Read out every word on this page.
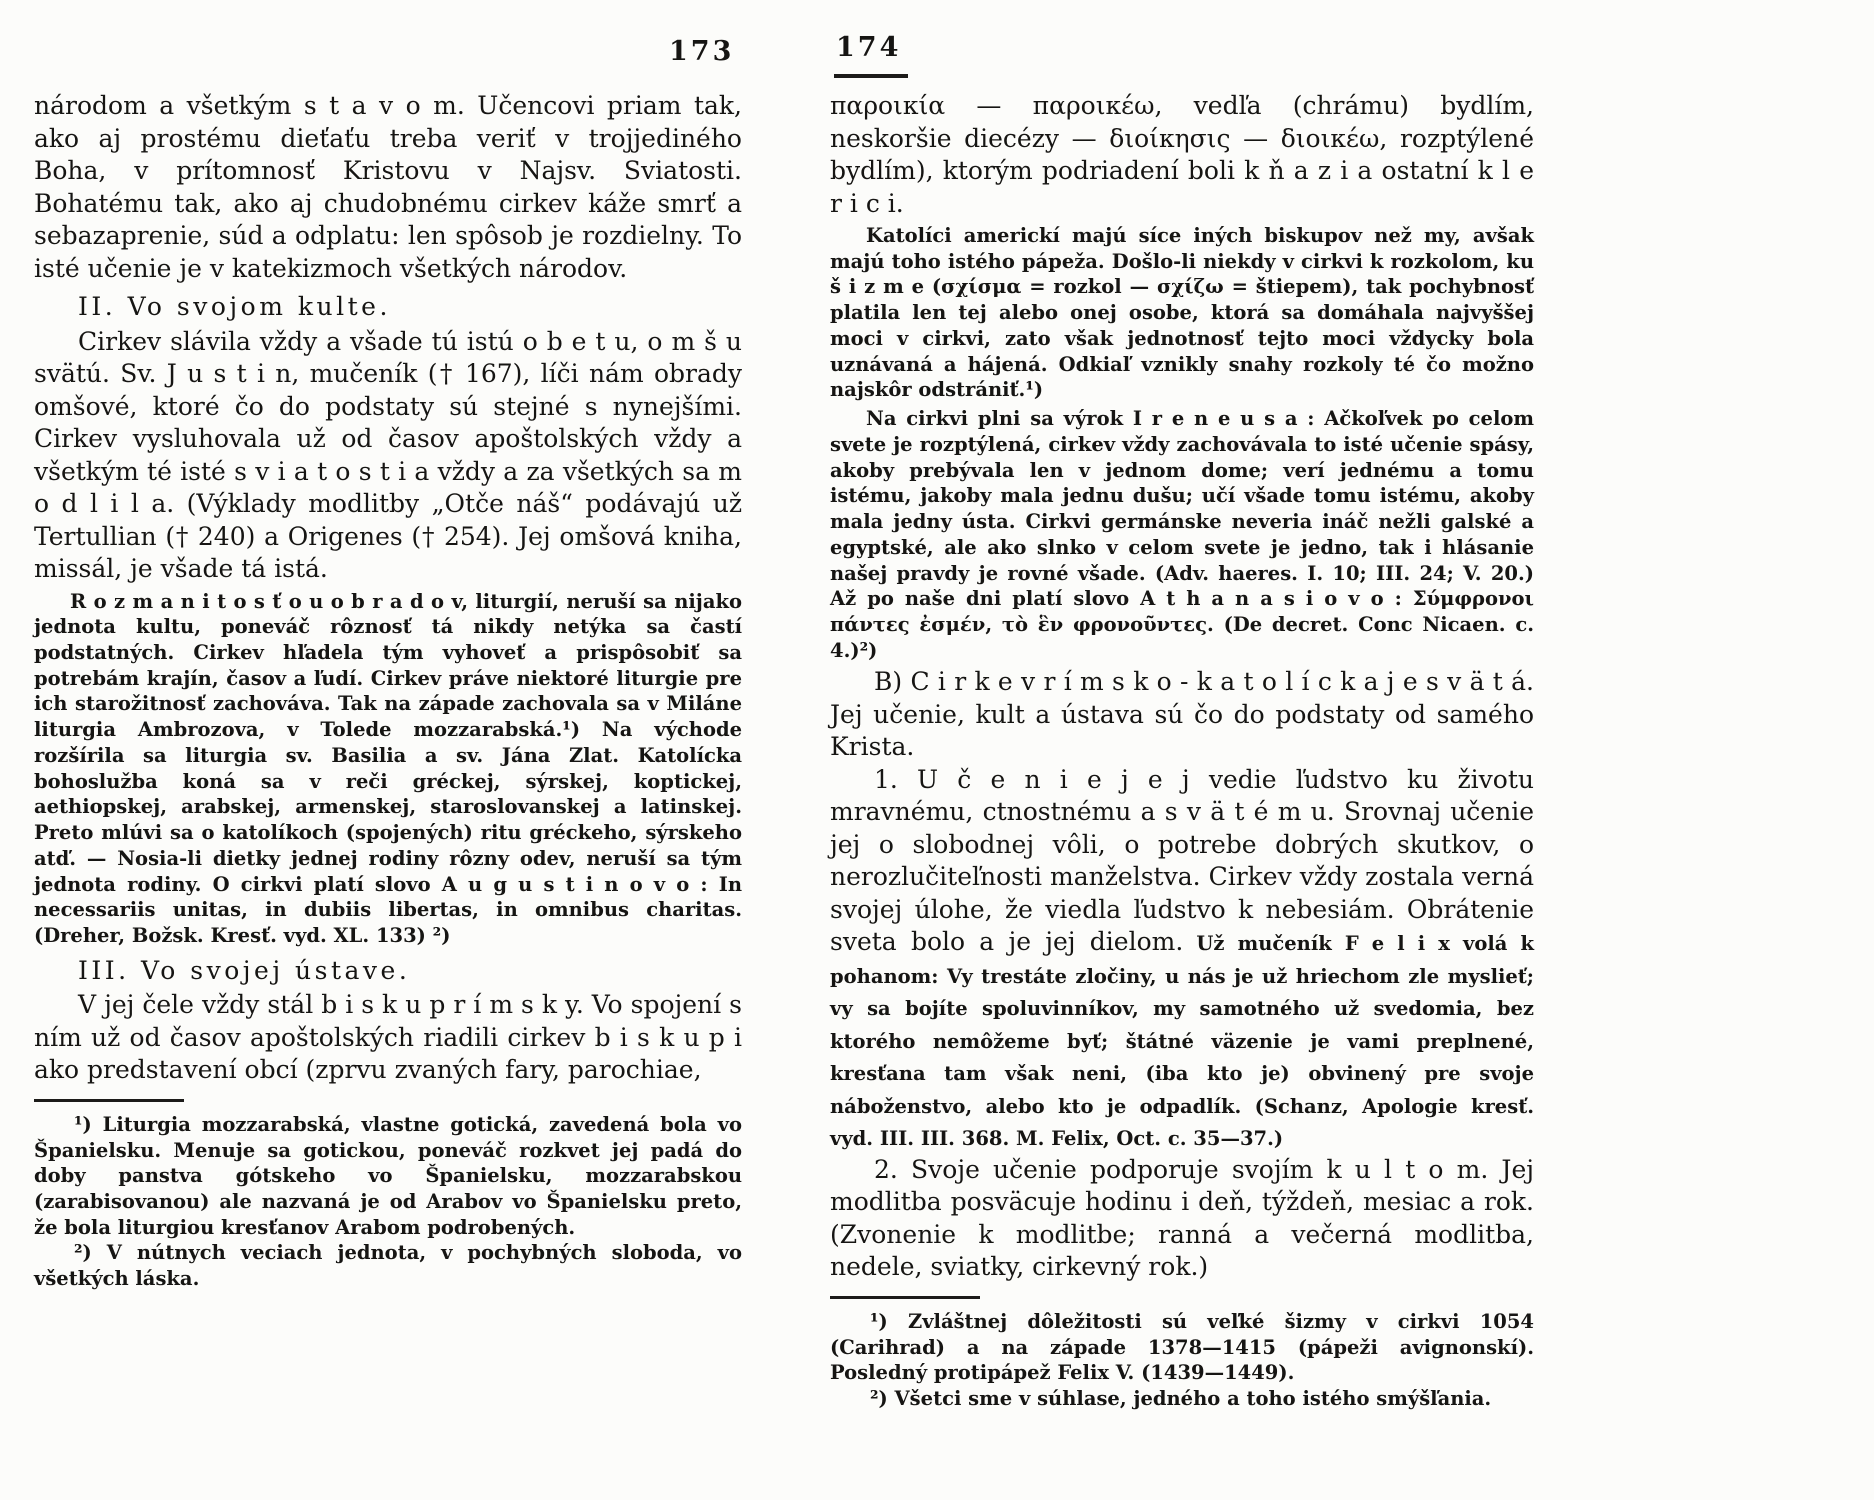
173	174

národom a všetkým s t a v o m. Učencovi priam tak, ako aj prostému dieťaťu treba veriť v trojjediného Boha, v prítomnosť Kristovu v Najsv. Sviatosti. Bohatému tak, ako aj chudobnému cirkev káže smrť a sebazaprenie, súd a odplatu: len spôsob je rozdielny. To isté učenie je v katekizmoch všetkých národov.

II. Vo svojom kulte.

Cirkev slávila vždy a všade tú istú o b e t u, o m š u svätú. Sv. J u s t i n, mučeník († 167), líči nám obrady omšové, ktoré čo do podstaty sú stejné s nynejšími. Cirkev vysluhovala už od časov apoštolských vždy a všetkým té isté s v i a t o s t i a vždy a za všetkých sa m o d l i l a. (Výklady modlitby „Otče náš“ podávajú už Tertullian († 240) a Origenes († 254). Jej omšová kniha, missál, je všade tá istá.

R o z m a n i t o s ť o u o b r a d o v, liturgií, neruší sa nijako jednota kultu, poneváč rôznosť tá nikdy netýka sa častí podstatných. Cirkev hľadela tým vyhoveť a prispôsobiť sa potrebám krajín, časov a ľudí. Cirkev práve niektoré liturgie pre ich starožitnosť zachováva. Tak na západe zachovala sa v Miláne liturgia Ambrozova, v Tolede mozzarabská.¹) Na východe rozšírila sa liturgia sv. Basilia a sv. Jána Zlat. Katolícka bohoslužba koná sa v reči gréckej, sýrskej, koptickej, aethiopskej, arabskej, armenskej, staroslovanskej a latinskej. Preto mlúvi sa o katolíkoch (spojených) ritu gréckeho, sýrskeho atď. — Nosia-li dietky jednej rodiny rôzny odev, neruší sa tým jednota rodiny. O cirkvi platí slovo A u g u s t i n o v o : In necessariis unitas, in dubiis libertas, in omnibus charitas. (Dreher, Božsk. Kresť. vyd. XL. 133) ²)

III. Vo svojej ústave.

V jej čele vždy stál b i s k u p r í m s k y. Vo spojení s ním už od časov apoštolských riadili cirkev b i s k u p i ako predstavení obcí (zprvu zvaných fary, parochiae,

¹) Liturgia mozzarabská, vlastne gotická, zavedená bola vo Španielsku. Menuje sa gotickou, poneváč rozkvet jej padá do doby panstva gótskeho vo Španielsku, mozzarabskou (zarabisovanou) ale nazvaná je od Arabov vo Španielsku preto, že bola liturgiou kresťanov Arabom podrobených.

²) V nútnych veciach jednota, v pochybných sloboda, vo všetkých láska.

παροικία — παροικέω, vedľa (chrámu) bydlím, neskoršie diecézy — διοίκησις — διοικέω, rozptýlené bydlím), ktorým podriadení boli k ň a z i a ostatní k l e r i c i.

Katolíci americkí majú síce iných biskupov než my, avšak majú toho istého pápeža. Došlo-li niekdy v cirkvi k rozkolom, ku š i z m e (σχίσμα = rozkol — σχίζω = štiepem), tak pochybnosť platila len tej alebo onej osobe, ktorá sa domáhala najvyššej moci v cirkvi, zato však jednotnosť tejto moci vždycky bola uznávaná a hájená. Odkiaľ vznikly snahy rozkoly té čo možno najskôr odstrániť.¹)

Na cirkvi plni sa výrok I r e n e u s a : Ačkoľvek po celom svete je rozptýlená, cirkev vždy zachovávala to isté učenie spásy, akoby prebývala len v jednom dome; verí jednému a tomu istému, jakoby mala jednu dušu; učí všade tomu istému, akoby mala jedny ústa. Cirkvi germánske neveria ináč nežli galské a egyptské, ale ako slnko v celom svete je jedno, tak i hlásanie našej pravdy je rovné všade. (Adv. haeres. I. 10; III. 24; V. 20.) Až po naše dni platí slovo A t h a n a s i o v o : Σύμφρονοι πάντες ἐσμέν, τὸ ἓν φρονοῦντες. (De decret. Conc Nicaen. c. 4.)²)

B) C i r k e v r í m s k o - k a t o l í c k a j e s v ä t á. Jej učenie, kult a ústava sú čo do podstaty od samého Krista.

1. U č e n i e j e j vedie ľudstvo ku životu mravnému, ctnostnému a s v ä t é m u. Srovnaj učenie jej o slobodnej vôli, o potrebe dobrých skutkov, o nerozlučiteľnosti manželstva. Cirkev vždy zostala verná svojej úlohe, že viedla ľudstvo k nebesiám. Obrátenie sveta bolo a je jej dielom. Už mučeník F e l i x volá k pohanom: Vy trestáte zločiny, u nás je už hriechom zle myslieť; vy sa bojíte spoluvinníkov, my samotného už svedomia, bez ktorého nemôžeme byť; štátné väzenie je vami preplnené, kresťana tam však neni, (iba kto je) obvinený pre svoje náboženstvo, alebo kto je odpadlík. (Schanz, Apologie kresť. vyd. III. III. 368. M. Felix, Oct. c. 35—37.)

2. Svoje učenie podporuje svojím k u l t o m. Jej modlitba posväcuje hodinu i deň, týždeň, mesiac a rok. (Zvonenie k modlitbe; ranná a večerná modlitba, nedele, sviatky, cirkevný rok.)

¹) Zvláštnej dôležitosti sú veľké šizmy v cirkvi 1054 (Carihrad) a na západe 1378—1415 (pápeži avignonskí). Posledný protipápež Felix V. (1439—1449).

²) Všetci sme v súhlase, jedného a toho istého smýšľania.
